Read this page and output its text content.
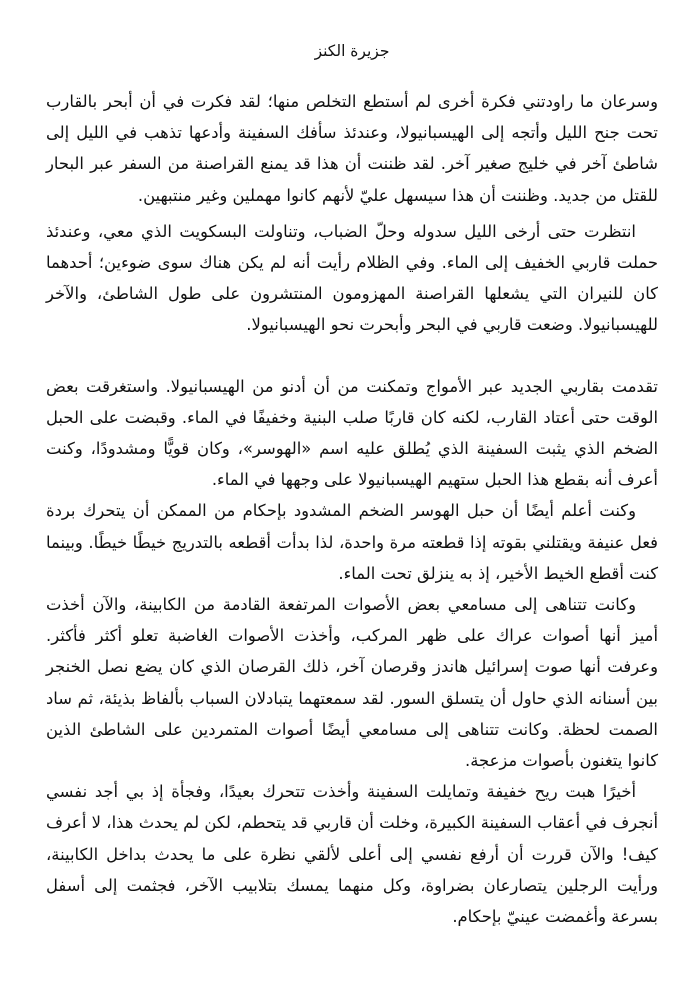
جزيرة الكنز

وسرعان ما راودتني فكرة أخرى لم أستطع التخلص منها؛ لقد فكرت في أن أبحر بالقارب تحت جنح الليل وأتجه إلى الهيسبانيولا، وعندئذ سأفك السفينة وأدعها تذهب في الليل إلى شاطئ آخر في خليج صغير آخر. لقد ظننت أن هذا قد يمنع القراصنة من السفر عبر البحار للقتل من جديد. وظننت أن هذا سيسهل عليّ لأنهم كانوا مهملين وغير منتبهين.

انتظرت حتى أرخى الليل سدوله وحلّ الضباب، وتناولت البسكويت الذي معي، وعندئذ حملت قاربي الخفيف إلى الماء. وفي الظلام رأيت أنه لم يكن هناك سوى ضوءين؛ أحدهما كان للنيران التي يشعلها القراصنة المهزومون المنتشرون على طول الشاطئ، والآخر للهيسبانيولا. وضعت قاربي في البحر وأبحرت نحو الهيسبانيولا.

تقدمت بقاربي الجديد عبر الأمواج وتمكنت من أن أدنو من الهيسبانيولا. واستغرقت بعض الوقت حتى أعتاد القارب، لكنه كان قاربًا صلب البنية وخفيفًا في الماء. وقبضت على الحبل الضخم الذي يثبت السفينة الذي يُطلق عليه اسم «الهوسر»، وكان قويًّا ومشدودًا، وكنت أعرف أنه بقطع هذا الحبل ستهيم الهيسبانيولا على وجهها في الماء.

وكنت أعلم أيضًا أن حبل الهوسر الضخم المشدود بإحكام من الممكن أن يتحرك بردة فعل عنيفة ويقتلني بقوته إذا قطعته مرة واحدة، لذا بدأت أقطعه بالتدريج خيطًا خيطًا. وبينما كنت أقطع الخيط الأخير، إذ به ينزلق تحت الماء.

وكانت تتناهى إلى مسامعي بعض الأصوات المرتفعة القادمة من الكابينة، والآن أخذت أميز أنها أصوات عراك على ظهر المركب، وأخذت الأصوات الغاضبة تعلو أكثر فأكثر. وعرفت أنها صوت إسرائيل هاندز وقرصان آخر، ذلك القرصان الذي كان يضع نصل الخنجر بين أسنانه الذي حاول أن يتسلق السور. لقد سمعتهما يتبادلان السباب بألفاظ بذيئة، ثم ساد الصمت لحظة. وكانت تتناهى إلى مسامعي أيضًا أصوات المتمردين على الشاطئ الذين كانوا يتغنون بأصوات مزعجة.

أخيرًا هبت ريح خفيفة وتمايلت السفينة وأخذت تتحرك بعيدًا، وفجأة إذ بي أجد نفسي أنجرف في أعقاب السفينة الكبيرة، وخلت أن قاربي قد يتحطم، لكن لم يحدث هذا، لا أعرف كيف! والآن قررت أن أرفع نفسي إلى أعلى لألقي نظرة على ما يحدث بداخل الكابينة، ورأيت الرجلين يتصارعان بضراوة، وكل منهما يمسك بتلابيب الآخر، فجثمت إلى أسفل بسرعة وأغمضت عينيّ بإحكام.
